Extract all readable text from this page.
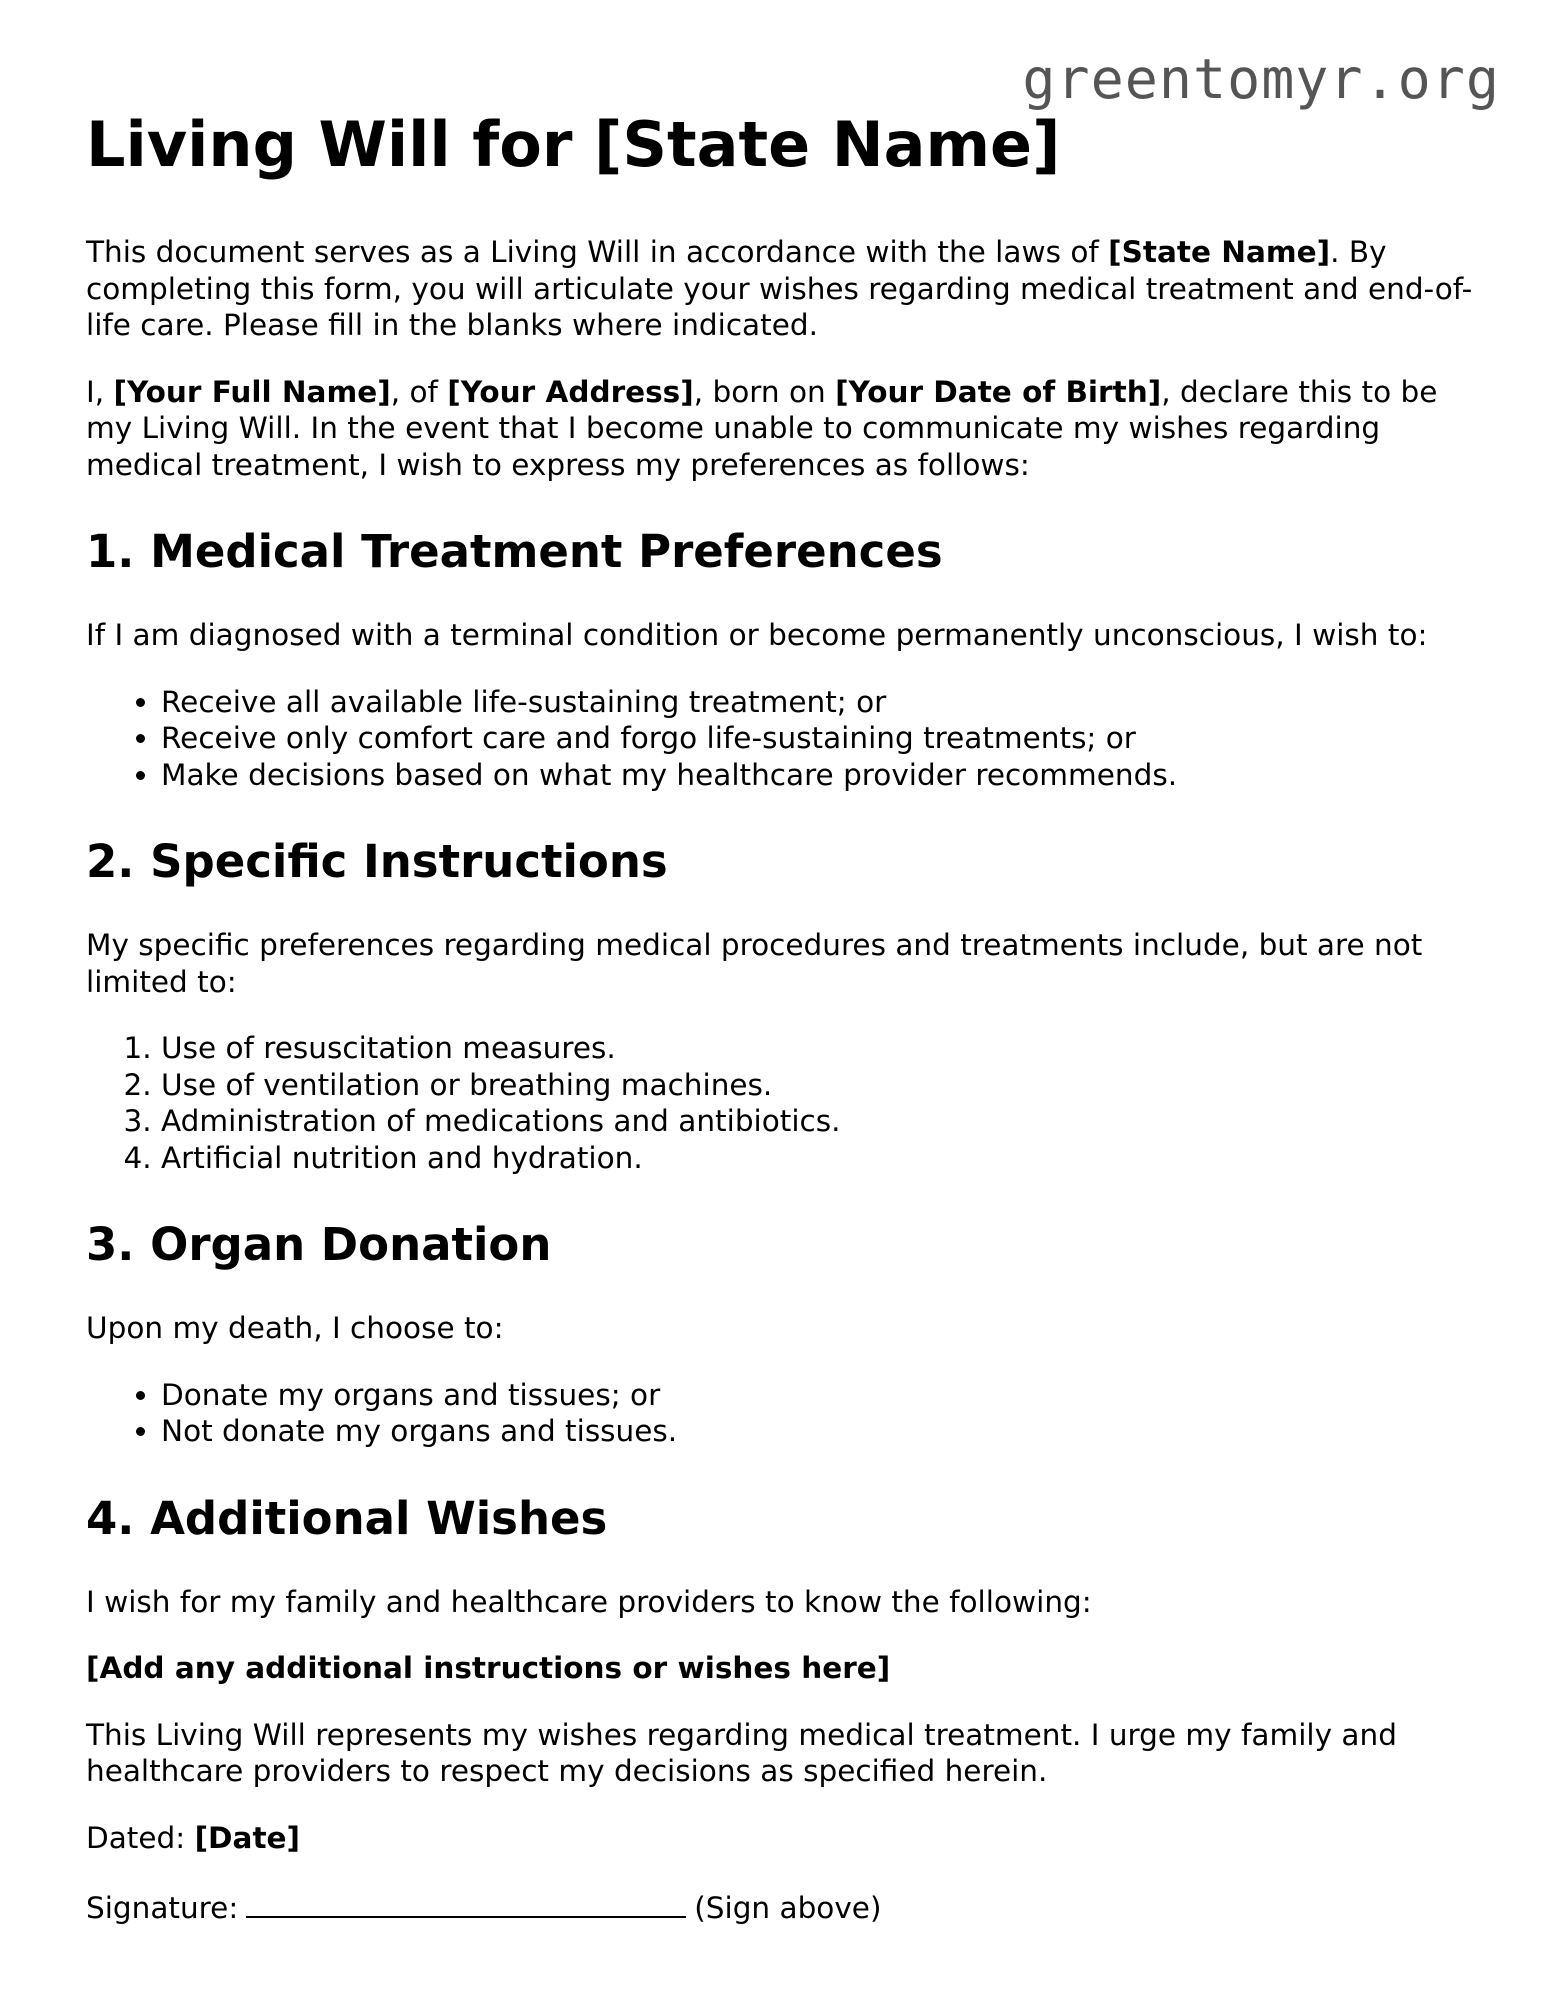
greentomyr.org
Living Will for [State Name]

This document serves as a Living Will in accordance with the laws of [State Name]. By completing this form, you will articulate your wishes regarding medical treatment and end-of-life care. Please fill in the blanks where indicated.

I, [Your Full Name], of [Your Address], born on [Your Date of Birth], declare this to be my Living Will. In the event that I become unable to communicate my wishes regarding medical treatment, I wish to express my preferences as follows:

1. Medical Treatment Preferences

If I am diagnosed with a terminal condition or become permanently unconscious, I wish to:

• Receive all available life-sustaining treatment; or
• Receive only comfort care and forgo life-sustaining treatments; or
• Make decisions based on what my healthcare provider recommends.
2. Specific Instructions

My specific preferences regarding medical procedures and treatments include, but are not limited to:

1. Use of resuscitation measures.
2. Use of ventilation or breathing machines.
3. Administration of medications and antibiotics.
4. Artificial nutrition and hydration.
3. Organ Donation

Upon my death, I choose to:

• Donate my organs and tissues; or
• Not donate my organs and tissues.
4. Additional Wishes

I wish for my family and healthcare providers to know the following:

[Add any additional instructions or wishes here]

This Living Will represents my wishes regarding medical treatment. I urge my family and healthcare providers to respect my decisions as specified herein.

Dated: [Date]

Signature:	(Sign above)
